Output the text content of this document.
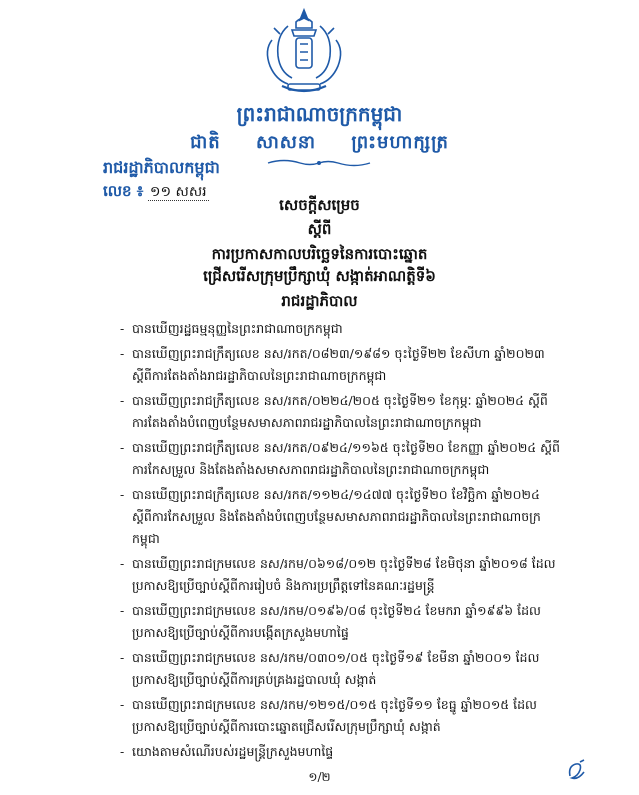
ព្រះរាជាណាចក្រកម្ពុជា
ជាតិ សាសនា ព្រះមហាក្សត្រ
រាជរដ្ឋាភិបាលកម្ពុជា
លេខ ៖ ១១ សសរ
សេចក្តីសម្រេច
ស្តីពី
ការប្រកាសកាលបរិច្ឆេទនៃការបោះឆ្នោត
ជ្រើសរើសក្រុមប្រឹក្សាឃុំ សង្កាត់អាណត្តិទី៦
រាជរដ្ឋាភិបាល
- បានឃើញរដ្ឋធម្មនុញ្ញនៃព្រះរាជាណាចក្រកម្ពុជា
- បានឃើញព្រះរាជក្រឹត្យលេខ នស/រកត/០៨២៣/១៩៨១ ចុះថ្ងៃទី២២ ខែសីហា ឆ្នាំ២០២៣ ស្តីពីការតែងតាំងរាជរដ្ឋាភិបាលនៃព្រះរាជាណាចក្រកម្ពុជា
- បានឃើញព្រះរាជក្រឹត្យលេខ នស/រកត/០២២៤/២០៥ ចុះថ្ងៃទី២១ ខែកុម្ភៈ ឆ្នាំ២០២៤ ស្តីពីការតែងតាំងបំពេញបន្ថែមសមាសភាពរាជរដ្ឋាភិបាលនៃព្រះរាជាណាចក្រកម្ពុជា
- បានឃើញព្រះរាជក្រឹត្យលេខ នស/រកត/០៩២៤/១១៦៥ ចុះថ្ងៃទី២០ ខែកញ្ញា ឆ្នាំ២០២៤ ស្តីពីការកែសម្រួល និងតែងតាំងសមាសភាពរាជរដ្ឋាភិបាលនៃព្រះរាជាណាចក្រកម្ពុជា
- បានឃើញព្រះរាជក្រឹត្យលេខ នស/រកត/១១២៤/១៤៧៧ ចុះថ្ងៃទី២០ ខែវិច្ឆិកា ឆ្នាំ២០២៤ ស្តីពីការកែសម្រួល និងតែងតាំងបំពេញបន្ថែមសមាសភាពរាជរដ្ឋាភិបាលនៃព្រះរាជាណាចក្រកម្ពុជា
- បានឃើញព្រះរាជក្រមលេខ នស/រកម/០៦១៨/០១២ ចុះថ្ងៃទី២៨ ខែមិថុនា ឆ្នាំ២០១៨ ដែលប្រកាសឱ្យប្រើច្បាប់ស្តីពីការរៀបចំ និងការប្រព្រឹត្តទៅនៃគណៈរដ្ឋមន្ត្រី
- បានឃើញព្រះរាជក្រមលេខ នស/រកម/០១៩៦/០៨ ចុះថ្ងៃទី២៤ ខែមករា ឆ្នាំ១៩៩៦ ដែលប្រកាសឱ្យប្រើច្បាប់ស្តីពីការបង្កើតក្រសួងមហាផ្ទៃ
- បានឃើញព្រះរាជក្រមលេខ នស/រកម/០៣០១/០៥ ចុះថ្ងៃទី១៩ ខែមីនា ឆ្នាំ២០០១ ដែលប្រកាសឱ្យប្រើច្បាប់ស្តីពីការគ្រប់គ្រងរដ្ឋបាលឃុំ សង្កាត់
- បានឃើញព្រះរាជក្រមលេខ នស/រកម/១២១៥/០១៥ ចុះថ្ងៃទី១១ ខែធ្នូ ឆ្នាំ២០១៥ ដែលប្រកាសឱ្យប្រើច្បាប់ស្តីពីការបោះឆ្នោតជ្រើសរើសក្រុមប្រឹក្សាឃុំ សង្កាត់
- យោងតាមសំណើរបស់រដ្ឋមន្ត្រីក្រសួងមហាផ្ទៃ
១/២
